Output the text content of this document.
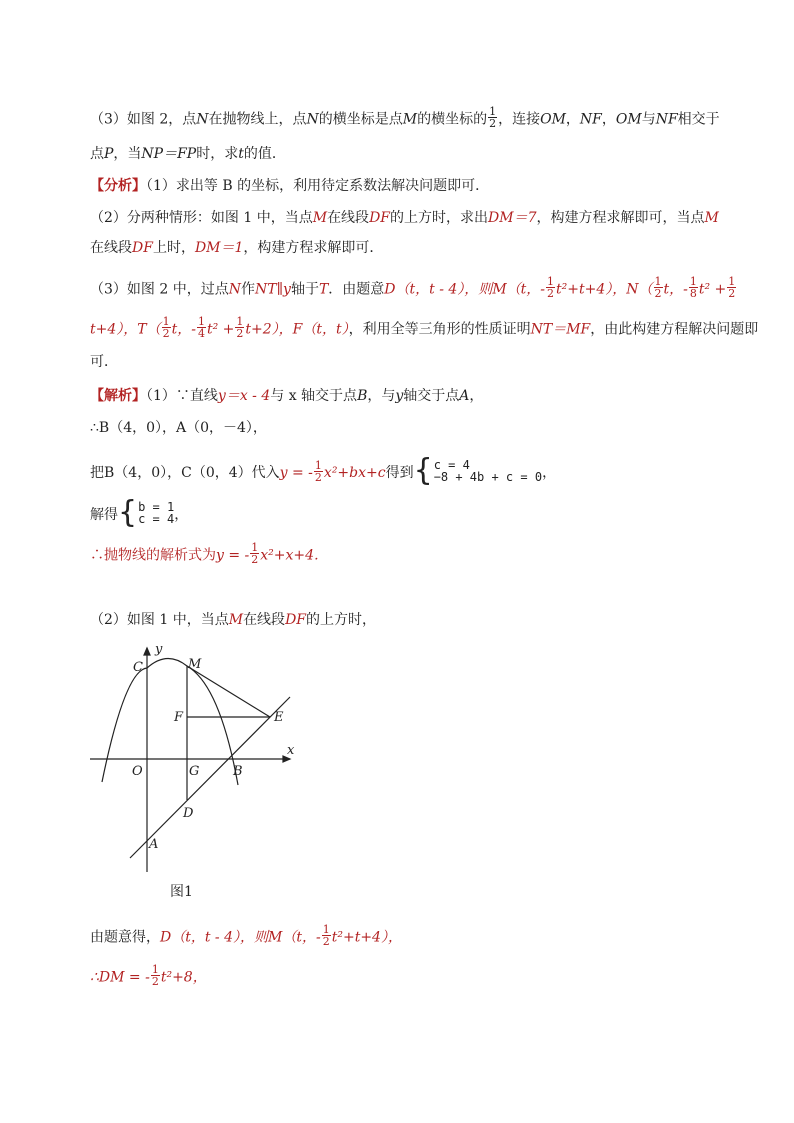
（3）如图 2，点N在抛物线上，点N的横坐标是点M的横坐标的 $\frac{1}{2}$ ，连接OM，NF，OM与NF相交于
点P，当NP＝FP时，求t的值．
【分析】（1）求出等 B 的坐标，利用待定系数法解决问题即可．
（2）分两种情形：如图 1 中，当点M在线段DF的上方时，求出DM＝7，构建方程求解即可，当点M
在线段DF上时，DM＝1，构建方程求解即可．
（3）如图 2 中，过点N作NT∥y轴于T．由题意D（t，t - 4），则M（t，- $\frac{1}{2} t^2+t+4$），$N( \frac{1}{2}$ t，- $\frac{1}{8} t^2 + \frac{1}{2}$
t+4），$T( \frac{1}{2}$ t，- $\frac{1}{4} t^2 + \frac{1}{2} t+2$），F（t，t），利用全等三角形的性质证明NT＝MF，由此构建方程解决问题即
可．
【解析】（1）∵直线y＝x - 4与 x 轴交于点B，与y轴交于点A，
∴B（4，0），A（0，－4），
把B（4，0），C（0，4）代入y = - $\frac{1}{2} x^2+bx+c$得到{ c = 4
−8 + 4b + c = 0 ，
解得{ b = 1
c = 4 ，
∴抛物线的解析式为y = - $\frac{1}{2} x^2+x+4$．
（2）如图 1 中，当点M在线段DF的上方时，
y
x
C	M
F	E
O	G	B
D
A
图1
由题意得，D（t，t - 4），则M（t，- $\frac{1}{2} t^2+t+4$），
∴DM = - $\frac{1}{2} t^2+8$，
